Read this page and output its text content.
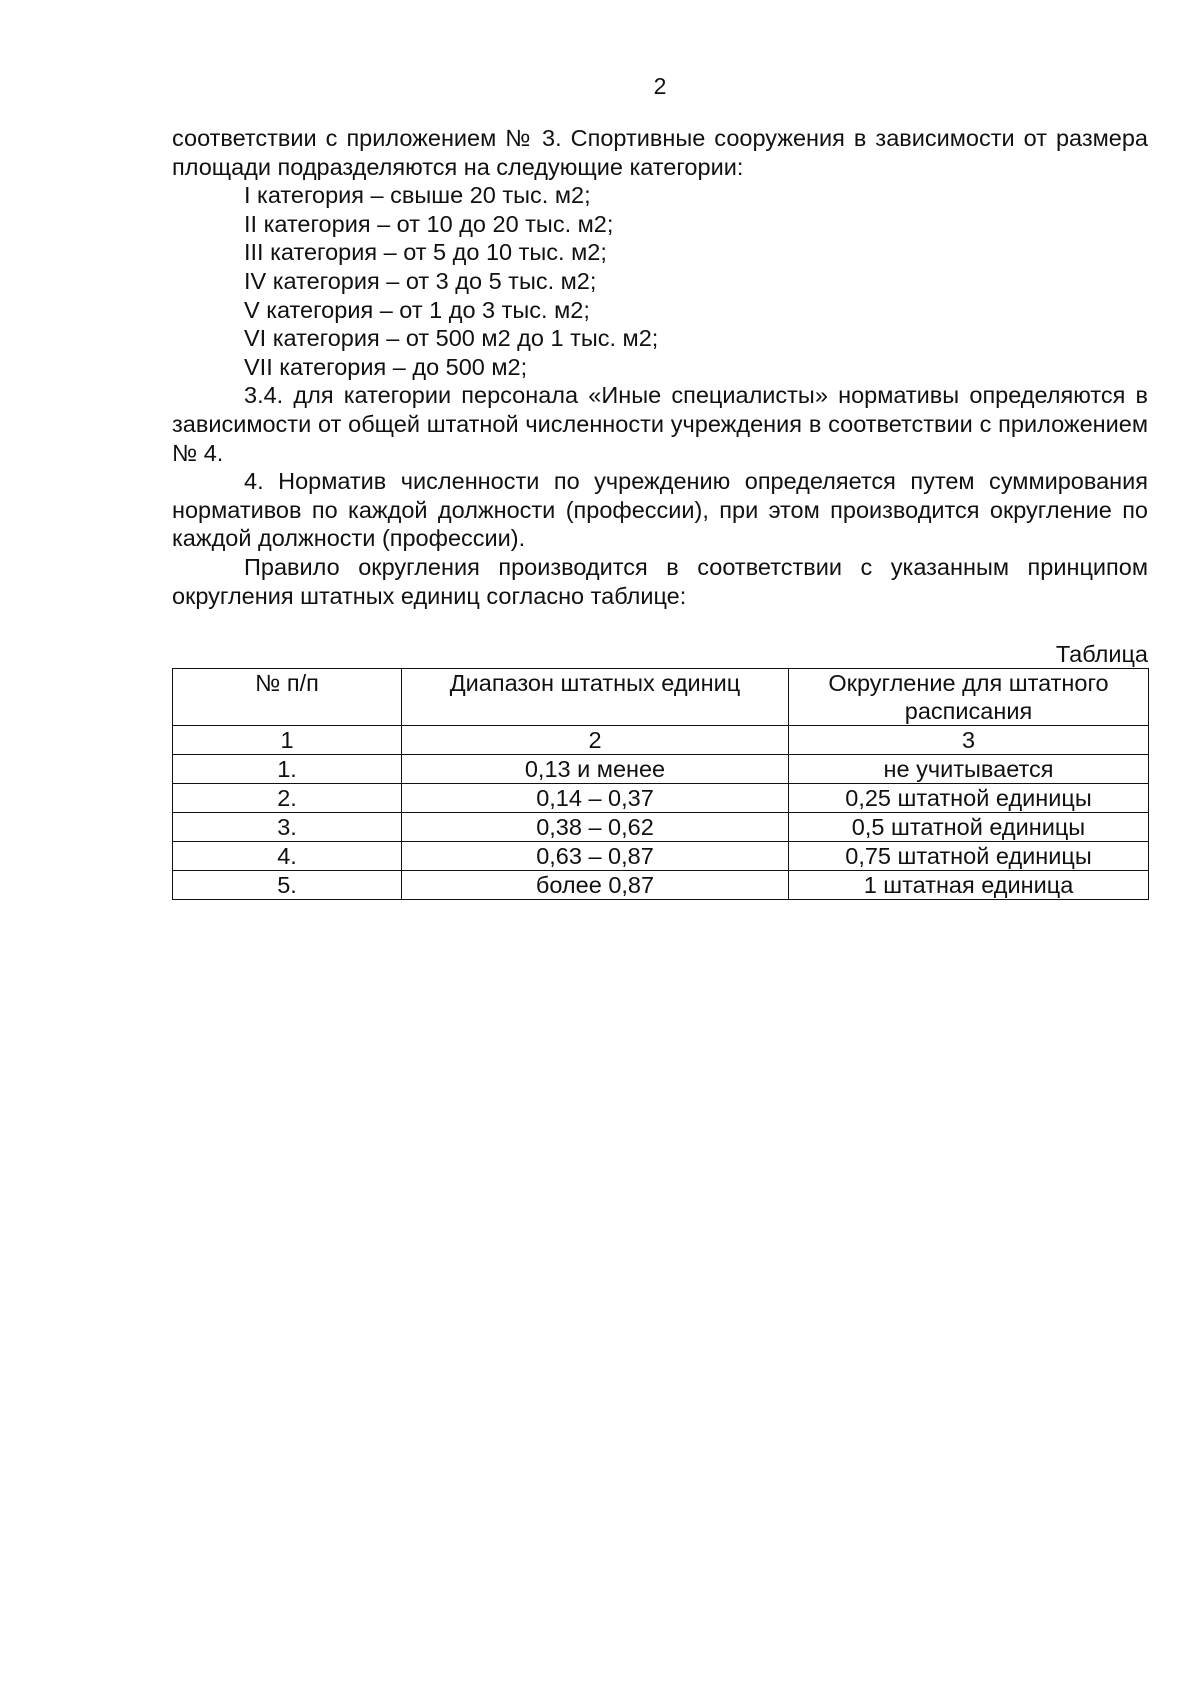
2

соответствии с приложением № 3. Спортивные сооружения в зависимости от размера площади подразделяются на следующие категории:

I категория – свыше 20 тыс. м2;

II категория – от 10 до 20 тыс. м2;

III категория – от 5 до 10 тыс. м2;

IV категория – от 3 до 5 тыс. м2;

V категория – от 1 до 3 тыс. м2;

VI категория – от 500 м2 до 1 тыс. м2;

VII категория – до 500 м2;

3.4. для категории персонала «Иные специалисты» нормативы определяются в зависимости от общей штатной численности учреждения в соответствии с приложением № 4.

4. Норматив численности по учреждению определяется путем суммирования нормативов по каждой должности (профессии), при этом производится округление по каждой должности (профессии).

Правило округления производится в соответствии с указанным принципом округления штатных единиц согласно таблице:

Таблица

№ п/п	Диапазон штатных единиц	Округление для штатного расписания
1	2	3
1.	0,13 и менее	не учитывается
2.	0,14 – 0,37	0,25 штатной единицы
3.	0,38 – 0,62	0,5 штатной единицы
4.	0,63 – 0,87	0,75 штатной единицы
5.	более 0,87	1 штатная единица
